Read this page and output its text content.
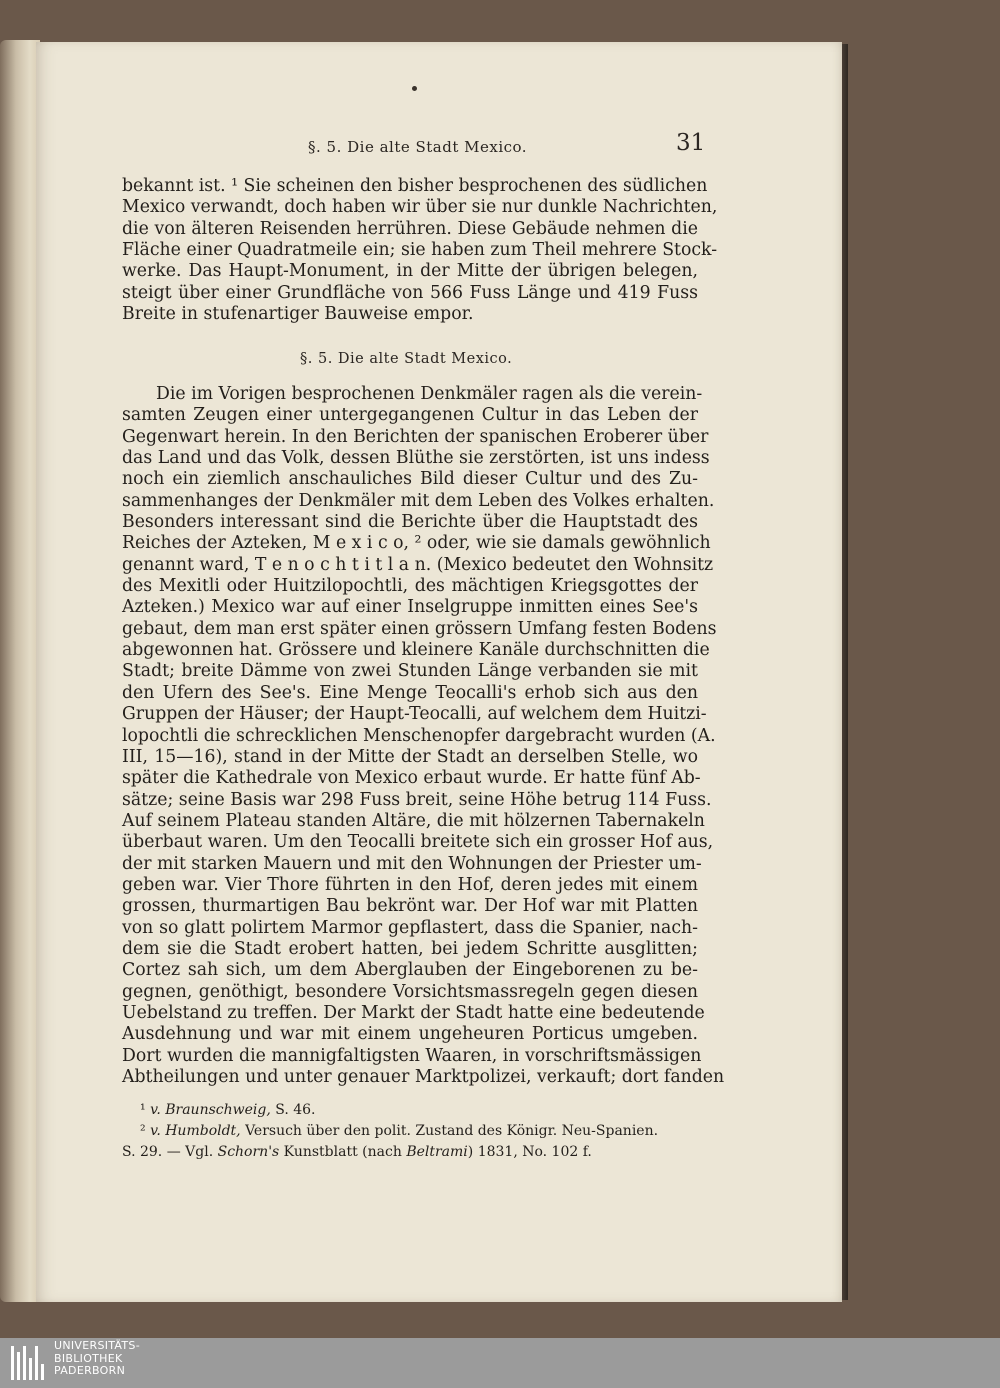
§. 5. Die alte Stadt Mexico.	31
bekannt ist. ¹ Sie scheinen den bisher besprochenen des südlichen
Mexico verwandt, doch haben wir über sie nur dunkle Nachrichten,
die von älteren Reisenden herrühren. Diese Gebäude nehmen die
Fläche einer Quadratmeile ein; sie haben zum Theil mehrere Stock-
werke. Das Haupt-Monument, in der Mitte der übrigen belegen,
steigt über einer Grundfläche von 566 Fuss Länge und 419 Fuss
Breite in stufenartiger Bauweise empor.
§. 5. Die alte Stadt Mexico.
Die im Vorigen besprochenen Denkmäler ragen als die verein-
samten Zeugen einer untergegangenen Cultur in das Leben der
Gegenwart herein. In den Berichten der spanischen Eroberer über
das Land und das Volk, dessen Blüthe sie zerstörten, ist uns indess
noch ein ziemlich anschauliches Bild dieser Cultur und des Zu-
sammenhanges der Denkmäler mit dem Leben des Volkes erhalten.
Besonders interessant sind die Berichte über die Hauptstadt des
Reiches der Azteken, M e x i c o, ² oder, wie sie damals gewöhnlich
genannt ward, T e n o c h t i t l a n. (Mexico bedeutet den Wohnsitz
des Mexitli oder Huitzilopochtli, des mächtigen Kriegsgottes der
Azteken.) Mexico war auf einer Inselgruppe inmitten eines See's
gebaut, dem man erst später einen grössern Umfang festen Bodens
abgewonnen hat. Grössere und kleinere Kanäle durchschnitten die
Stadt; breite Dämme von zwei Stunden Länge verbanden sie mit
den Ufern des See's. Eine Menge Teocalli's erhob sich aus den
Gruppen der Häuser; der Haupt-Teocalli, auf welchem dem Huitzi-
lopochtli die schrecklichen Menschenopfer dargebracht wurden (A.
III, 15—16), stand in der Mitte der Stadt an derselben Stelle, wo
später die Kathedrale von Mexico erbaut wurde. Er hatte fünf Ab-
sätze; seine Basis war 298 Fuss breit, seine Höhe betrug 114 Fuss.
Auf seinem Plateau standen Altäre, die mit hölzernen Tabernakeln
überbaut waren. Um den Teocalli breitete sich ein grosser Hof aus,
der mit starken Mauern und mit den Wohnungen der Priester um-
geben war. Vier Thore führten in den Hof, deren jedes mit einem
grossen, thurmartigen Bau bekrönt war. Der Hof war mit Platten
von so glatt polirtem Marmor gepflastert, dass die Spanier, nach-
dem sie die Stadt erobert hatten, bei jedem Schritte ausglitten;
Cortez sah sich, um dem Aberglauben der Eingeborenen zu be-
gegnen, genöthigt, besondere Vorsichtsmassregeln gegen diesen
Uebelstand zu treffen. Der Markt der Stadt hatte eine bedeutende
Ausdehnung und war mit einem ungeheuren Porticus umgeben.
Dort wurden die mannigfaltigsten Waaren, in vorschriftsmässigen
Abtheilungen und unter genauer Marktpolizei, verkauft; dort fanden
¹ v. Braunschweig, S. 46.
² v. Humboldt, Versuch über den polit. Zustand des Königr. Neu-Spanien.
S. 29. — Vgl. Schorn's Kunstblatt (nach Beltrami) 1831, No. 102 f.
UNIVERSITÄTS-
BIBLIOTHEK
PADERBORN
